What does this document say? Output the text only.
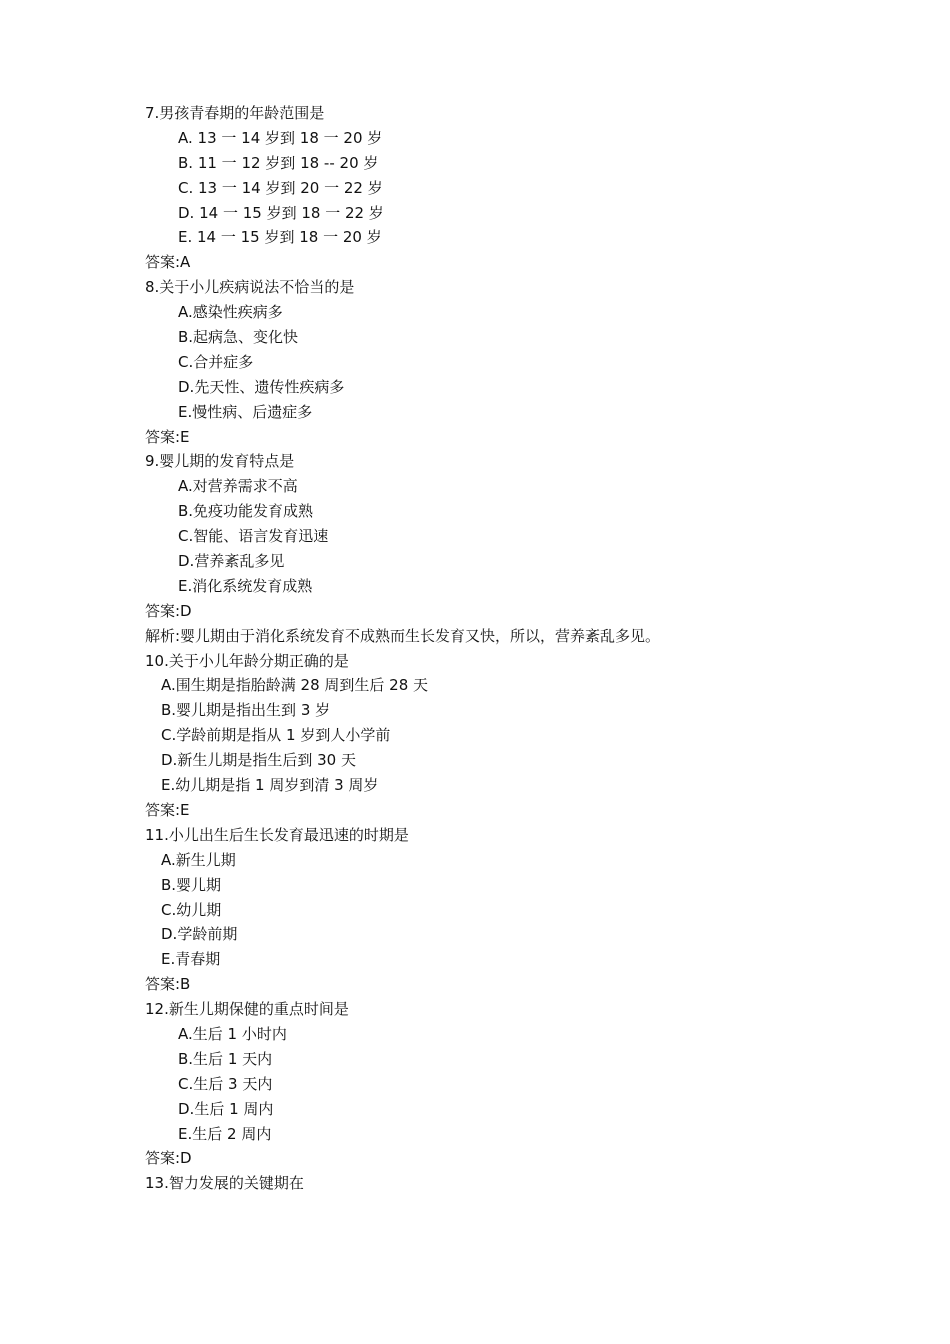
7.男孩青春期的年龄范围是
A. 13 一 14 岁到 18 一 20 岁
B. 11 一 12 岁到 18 -- 20 岁
C. 13 一 14 岁到 20 一 22 岁
D. 14 一 15 岁到 18 一 22 岁
E. 14 一 15 岁到 18 一 20 岁
答案:A
8.关于小儿疾病说法不恰当的是
A.感染性疾病多
B.起病急、变化快
C.合并症多
D.先天性、遗传性疾病多
E.慢性病、后遗症多
答案:E
9.婴儿期的发育特点是
A.对营养需求不高
B.免疫功能发育成熟
C.智能、语言发育迅速
D.营养紊乱多见
E.消化系统发育成熟
答案:D
解析:婴儿期由于消化系统发育不成熟而生长发育又快，所以，营养紊乱多见。
10.关于小儿年龄分期正确的是
A.围生期是指胎龄满 28 周到生后 28 天
B.婴儿期是指出生到 3 岁
C.学龄前期是指从 1 岁到人小学前
D.新生儿期是指生后到 30 天
E.幼儿期是指 1 周岁到清 3 周岁
答案:E
11.小儿出生后生长发育最迅速的时期是
A.新生儿期
B.婴儿期
C.幼儿期
D.学龄前期
E.青春期
答案:B
12.新生儿期保健的重点时间是
A.生后 1 小时内
B.生后 1 天内
C.生后 3 天内
D.生后 1 周内
E.生后 2 周内
答案:D
13.智力发展的关键期在
